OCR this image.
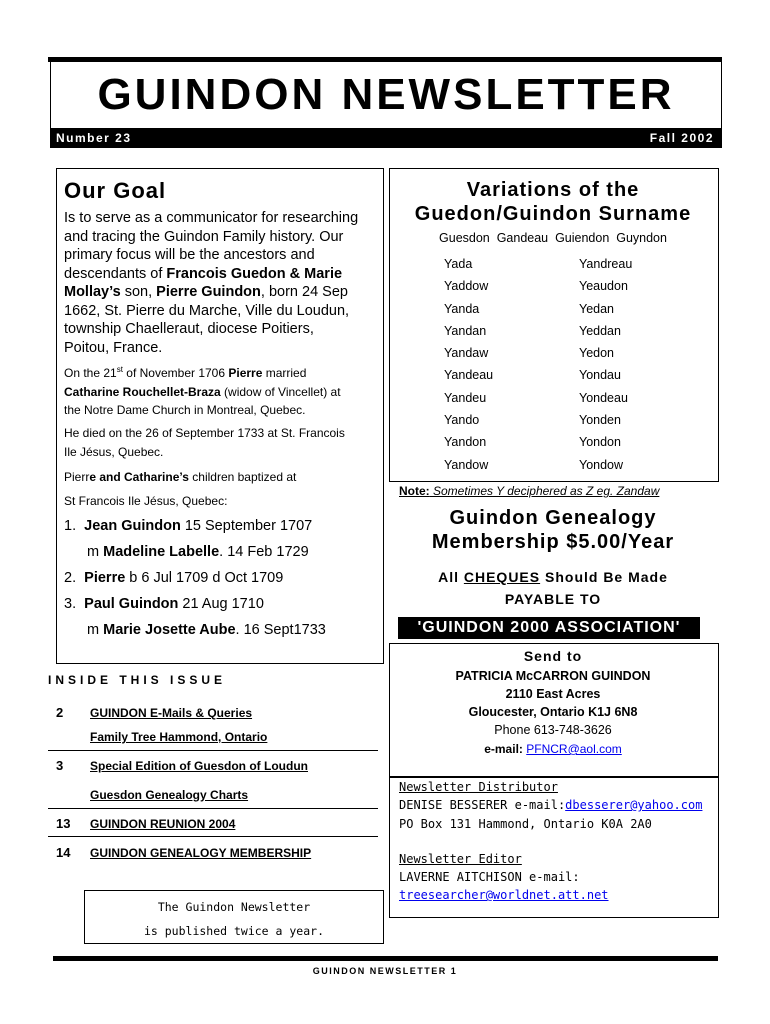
GUINDON NEWSLETTER
Number 23	Fall 2002
Our Goal
Is to serve as a communicator for researching
and tracing the Guindon Family history. Our
primary focus will be the ancestors and
descendants of Francois Guedon & Marie
Mollay’s son, Pierre Guindon, born 24 Sep
1662, St. Pierre du Marche, Ville du Loudun,
township Chaelleraut, diocese Poitiers,
Poitou, France.
On the 21st of November 1706 Pierre married
Catharine Rouchellet-Braza (widow of Vincellet) at
the Notre Dame Church in Montreal, Quebec.
He died on the 26 of September 1733 at St. Francois
Ile Jésus, Quebec.
Pierre and Catharine’s children baptized at
St Francois Ile Jésus, Quebec:
1. Jean Guindon 15 September 1707
m Madeline Labelle. 14 Feb 1729
2. Pierre b 6 Jul 1709 d Oct 1709
3. Paul Guindon 21 Aug 1710
m Marie Josette Aube. 16 Sept1733
INSIDE THIS ISSUE
2 GUINDON E-Mails & Queries
Family Tree Hammond, Ontario
3 Special Edition of Guesdon of Loudun
Guesdon Genealogy Charts
13 GUINDON REUNION 2004
14 GUINDON GENEALOGY MEMBERSHIP
The Guindon Newsletter
is published twice a year.
Variations of the
Guedon/Guindon Surname
Guesdon  Gandeau  Guiendon  Guyndon
Yada
Yaddow
Yanda
Yandan
Yandaw
Yandeau
Yandeu
Yando
Yandon
Yandow
Yandreau
Yeaudon
Yedan
Yeddan
Yedon
Yondau
Yondeau
Yonden
Yondon
Yondow
Note: Sometimes Y deciphered as Z eg. Zandaw
Guindon Genealogy
Membership $5.00/Year
All CHEQUES Should Be Made
PAYABLE TO
'GUINDON 2000 ASSOCIATION'
Send to
PATRICIA McCARRON GUINDON
2110 East Acres
Gloucester, Ontario K1J 6N8
Phone 613-748-3626
e-mail: PFNCR@aol.com
Newsletter Distributor
DENISE BESSERER e-mail:dbesserer@yahoo.com
PO Box 131 Hammond, Ontario K0A 2A0
Newsletter Editor
LAVERNE AITCHISON e-mail:
treesearcher@worldnet.att.net
GUINDON NEWSLETTER 1
